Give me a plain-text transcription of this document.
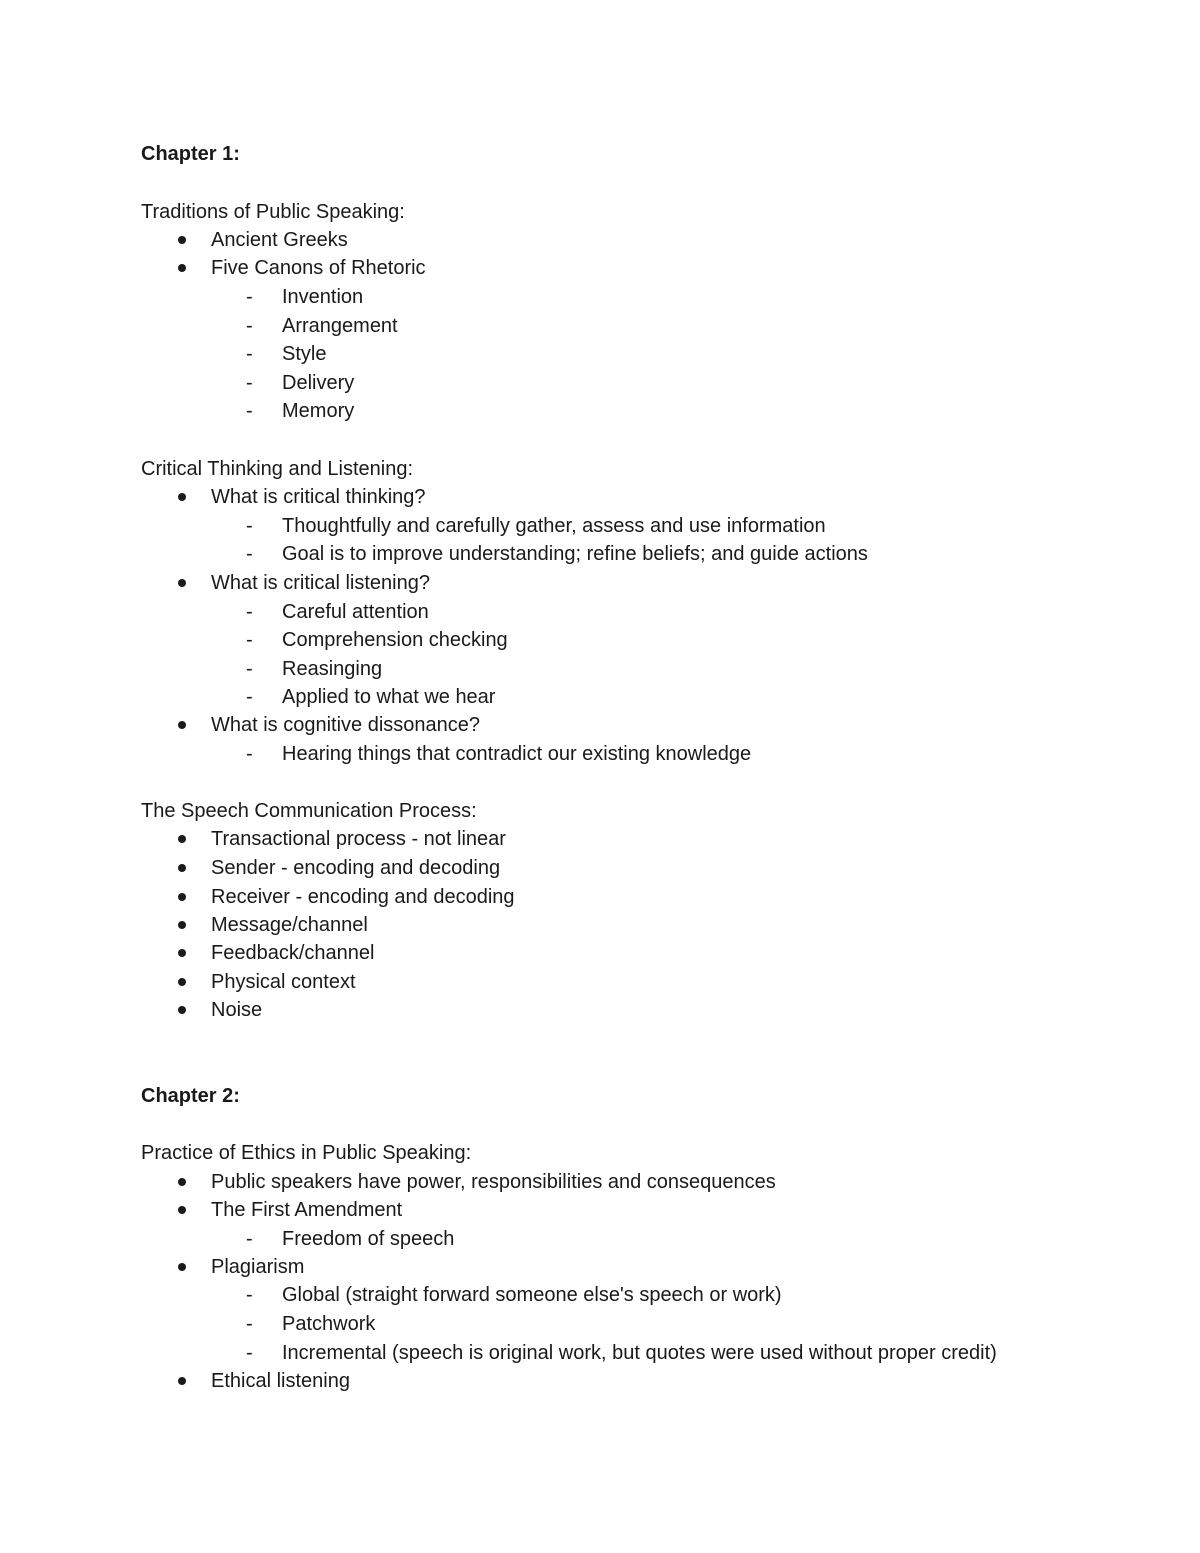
Chapter 1:
Traditions of Public Speaking:
Ancient Greeks
Five Canons of Rhetoric
- Invention
- Arrangement
- Style
- Delivery
- Memory
Critical Thinking and Listening:
What is critical thinking?
- Thoughtfully and carefully gather, assess and use information
- Goal is to improve understanding; refine beliefs; and guide actions
What is critical listening?
- Careful attention
- Comprehension checking
- Reasinging
- Applied to what we hear
What is cognitive dissonance?
- Hearing things that contradict our existing knowledge
The Speech Communication Process:
Transactional process - not linear
Sender - encoding and decoding
Receiver - encoding and decoding
Message/channel
Feedback/channel
Physical context
Noise
Chapter 2:
Practice of Ethics in Public Speaking:
Public speakers have power, responsibilities and consequences
The First Amendment
- Freedom of speech
Plagiarism
- Global (straight forward someone else's speech or work)
- Patchwork
- Incremental (speech is original work, but quotes were used without proper credit)
Ethical listening
